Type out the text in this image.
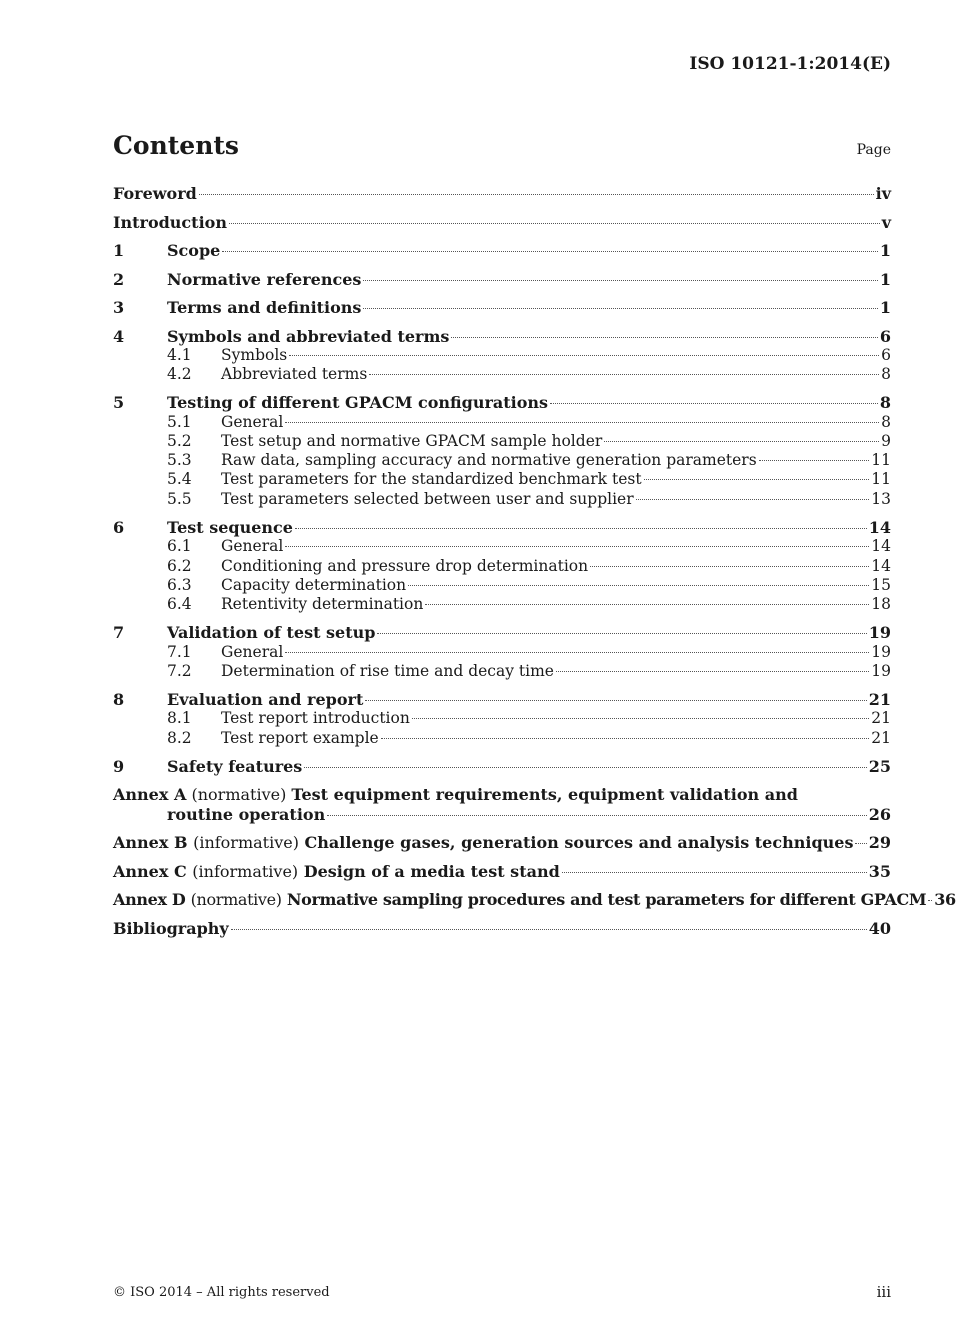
ISO 10121-1:2014(E)
Contents	Page
Foreword	iv
Introduction	v
1	Scope	1
2	Normative references	1
3	Terms and definitions	1
4	Symbols and abbreviated terms	6
4.1	Symbols	6
4.2	Abbreviated terms	8
5	Testing of different GPACM configurations	8
5.1	General	8
5.2	Test setup and normative GPACM sample holder	9
5.3	Raw data, sampling accuracy and normative generation parameters	11
5.4	Test parameters for the standardized benchmark test	11
5.5	Test parameters selected between user and supplier	13
6	Test sequence	14
6.1	General	14
6.2	Conditioning and pressure drop determination	14
6.3	Capacity determination	15
6.4	Retentivity determination	18
7	Validation of test setup	19
7.1	General	19
7.2	Determination of rise time and decay time	19
8	Evaluation and report	21
8.1	Test report introduction	21
8.2	Test report example	21
9	Safety features	25
Annex A (normative) Test equipment requirements, equipment validation and
routine operation	26
Annex B (informative) Challenge gases, generation sources and analysis techniques 29
Annex C (informative) Design of a media test stand	35
Annex D (normative) Normative sampling procedures and test parameters for different GPACM 36
Bibliography	40
© ISO 2014 – All rights reserved	iii
